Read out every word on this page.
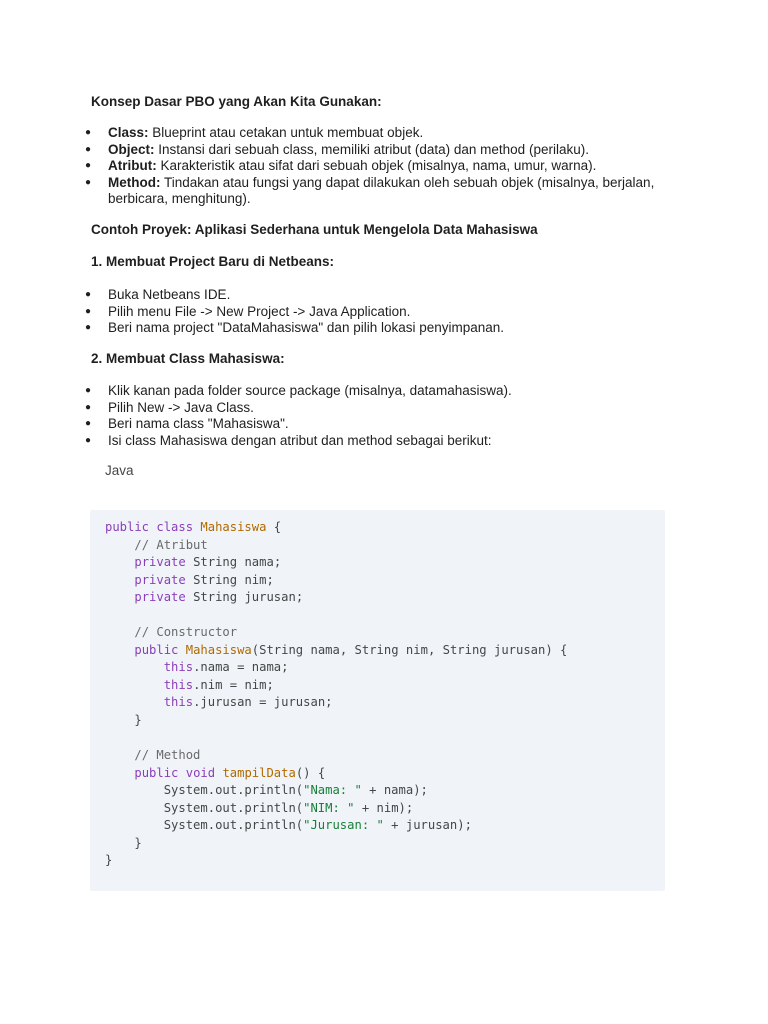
Konsep Dasar PBO yang Akan Kita Gunakan:
● Class: Blueprint atau cetakan untuk membuat objek.
● Object: Instansi dari sebuah class, memiliki atribut (data) dan method (perilaku).
● Atribut: Karakteristik atau sifat dari sebuah objek (misalnya, nama, umur, warna).
● Method: Tindakan atau fungsi yang dapat dilakukan oleh sebuah objek (misalnya, berjalan, berbicara, menghitung).
Contoh Proyek: Aplikasi Sederhana untuk Mengelola Data Mahasiswa
1. Membuat Project Baru di Netbeans:
● Buka Netbeans IDE.
● Pilih menu File -> New Project -> Java Application.
● Beri nama project "DataMahasiswa" dan pilih lokasi penyimpanan.
2. Membuat Class Mahasiswa:
● Klik kanan pada folder source package (misalnya, datamahasiswa).
● Pilih New -> Java Class.
● Beri nama class "Mahasiswa".
● Isi class Mahasiswa dengan atribut dan method sebagai berikut:
Java
public class Mahasiswa {
// Atribut
private String nama;
private String nim;
private String jurusan;

// Constructor
public Mahasiswa(String nama, String nim, String jurusan) {
this.nama = nama;
this.nim = nim;
this.jurusan = jurusan;
}

// Method
public void tampilData() {
System.out.println("Nama: " + nama);
System.out.println("NIM: " + nim);
System.out.println("Jurusan: " + jurusan);
}
}
